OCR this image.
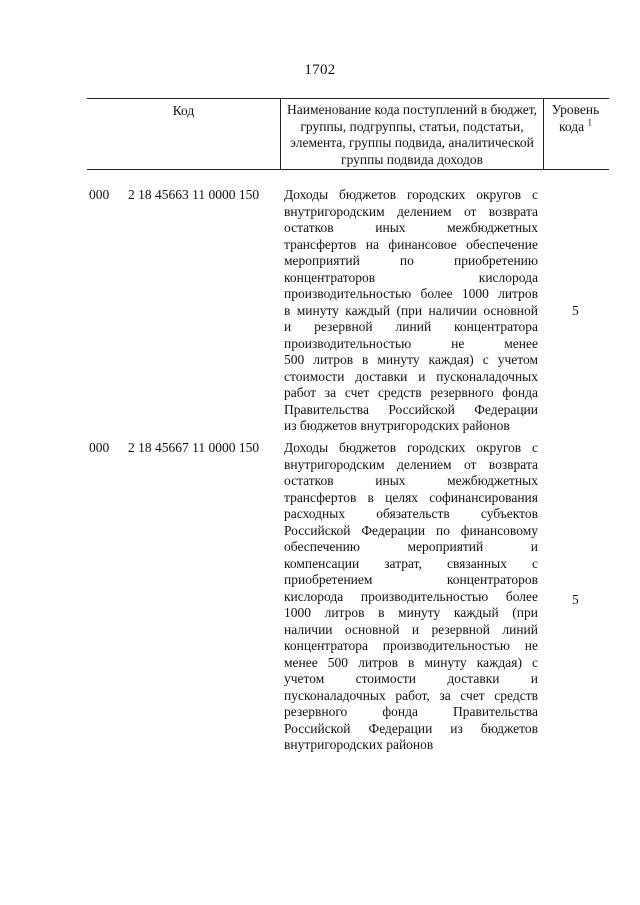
1702
Код	Наименование кода поступлений в бюджет, группы, подгруппы, статьи, подстатьи, элемента, группы подвида, аналитической группы подвида доходов
Уровень
кода $^1$
000 2 18 45663 11 0000 150 Доходы бюджетов городских округов с
внутригородским делением от возврата
остатков иных межбюджетных
трансфертов на финансовое обеспечение
мероприятий по приобретению
концентраторов кислорода
производительностью более 1000 литров
в минуту каждый (при наличии основной
и резервной линий концентратора
производительностью не менее
500 литров в минуту каждая) с учетом
стоимости доставки и пусконаладочных
работ за счет средств резервного фонда
Правительства Российской Федерации
из бюджетов внутригородских районов
5
000 2 18 45667 11 0000 150 Доходы бюджетов городских округов с
внутригородским делением от возврата
остатков иных межбюджетных
трансфертов в целях софинансирования
расходных обязательств субъектов
Российской Федерации по финансовому
обеспечению мероприятий и
компенсации затрат, связанных с
приобретением концентраторов
кислорода производительностью более
1000 литров в минуту каждый (при
наличии основной и резервной линий
концентратора производительностью не
менее 500 литров в минуту каждая) с
учетом стоимости доставки и
пусконаладочных работ, за счет средств
резервного фонда Правительства
Российской Федерации из бюджетов
внутригородских районов
5
